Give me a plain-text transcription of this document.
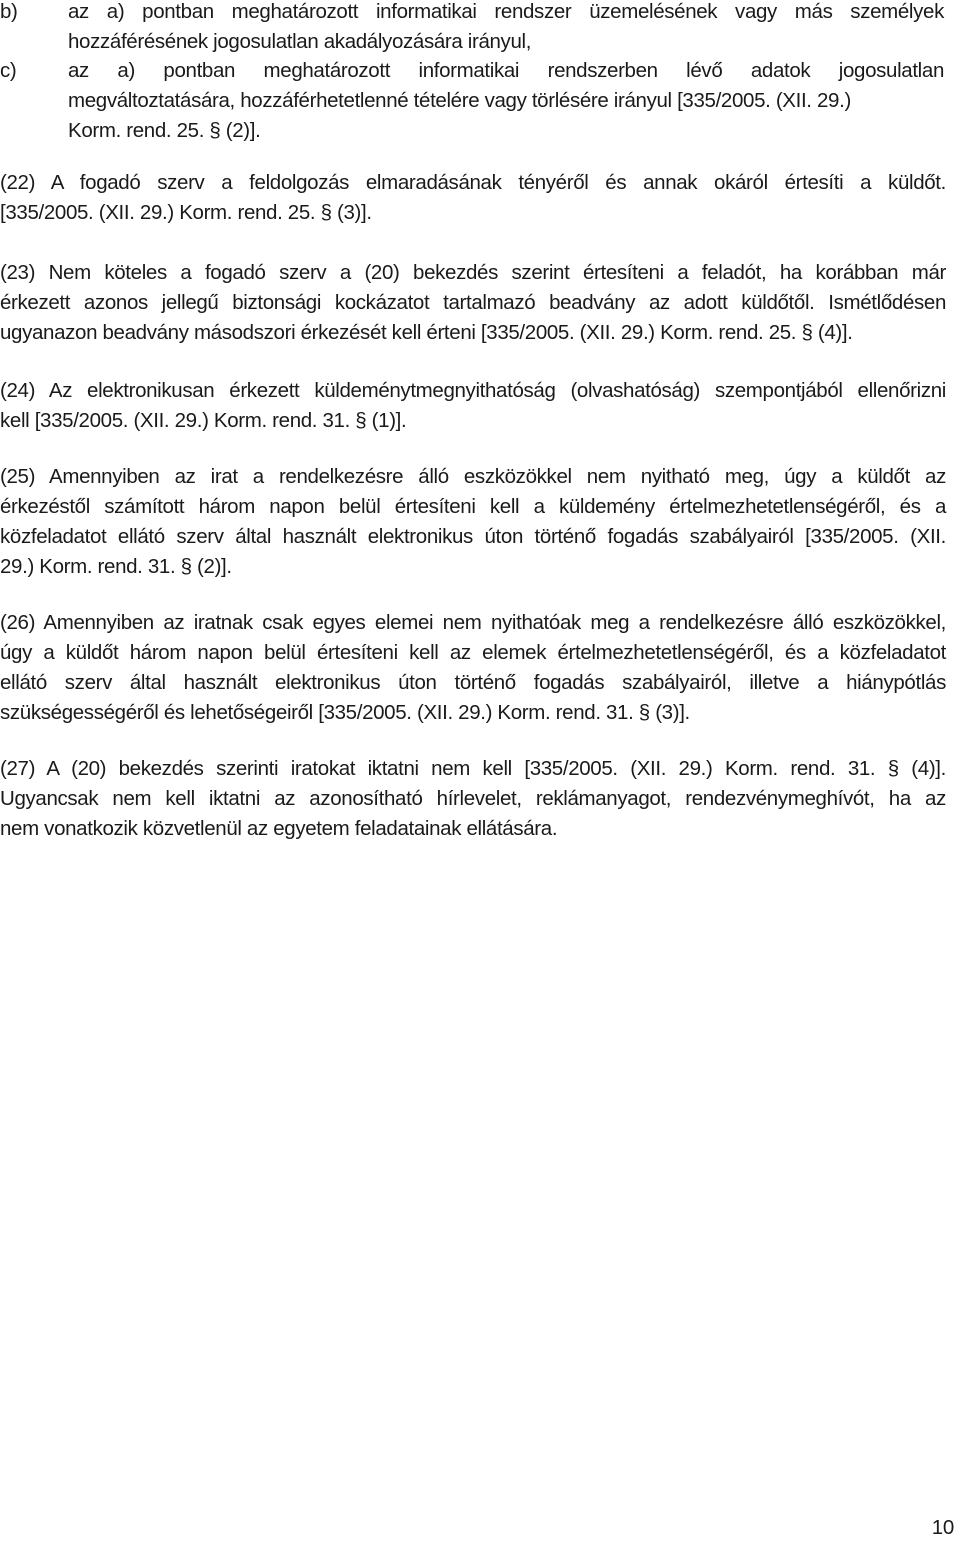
b)	az a) pontban meghatározott informatikai rendszer üzemelésének vagy más személyek
hozzáférésének jogosulatlan akadályozására irányul,
c)	az a) pontban meghatározott informatikai rendszerben lévő adatok jogosulatlan
megváltoztatására, hozzáférhetetlenné tételére vagy törlésére irányul [335/2005. (XII. 29.)
Korm. rend. 25. § (2)].
(22) A fogadó szerv a feldolgozás elmaradásának tényéről és annak okáról értesíti a küldőt.
[335/2005. (XII. 29.) Korm. rend. 25. § (3)].
(23) Nem köteles a fogadó szerv a (20) bekezdés szerint értesíteni a feladót, ha korábban már
érkezett azonos jellegű biztonsági kockázatot tartalmazó beadvány az adott küldőtől. Ismétlődésen
ugyanazon beadvány másodszori érkezését kell érteni [335/2005. (XII. 29.) Korm. rend. 25. § (4)].
(24) Az elektronikusan érkezett küldeménytmegnyithatóság (olvashatóság) szempontjából ellenőrizni
kell [335/2005. (XII. 29.) Korm. rend. 31. § (1)].
(25) Amennyiben az irat a rendelkezésre álló eszközökkel nem nyitható meg, úgy a küldőt az
érkezéstől számított három napon belül értesíteni kell a küldemény értelmezhetetlenségéről, és a
közfeladatot ellátó szerv által használt elektronikus úton történő fogadás szabályairól [335/2005. (XII.
29.) Korm. rend. 31. § (2)].
(26) Amennyiben az iratnak csak egyes elemei nem nyithatóak meg a rendelkezésre álló eszközökkel,
úgy a küldőt három napon belül értesíteni kell az elemek értelmezhetetlenségéről, és a közfeladatot
ellátó szerv által használt elektronikus úton történő fogadás szabályairól, illetve a hiánypótlás
szükségességéről és lehetőségeiről [335/2005. (XII. 29.) Korm. rend. 31. § (3)].
(27) A (20) bekezdés szerinti iratokat iktatni nem kell [335/2005. (XII. 29.) Korm. rend. 31. § (4)].
Ugyancsak nem kell iktatni az azonosítható hírlevelet, reklámanyagot, rendezvénymeghívót, ha az
nem vonatkozik közvetlenül az egyetem feladatainak ellátására.
10
